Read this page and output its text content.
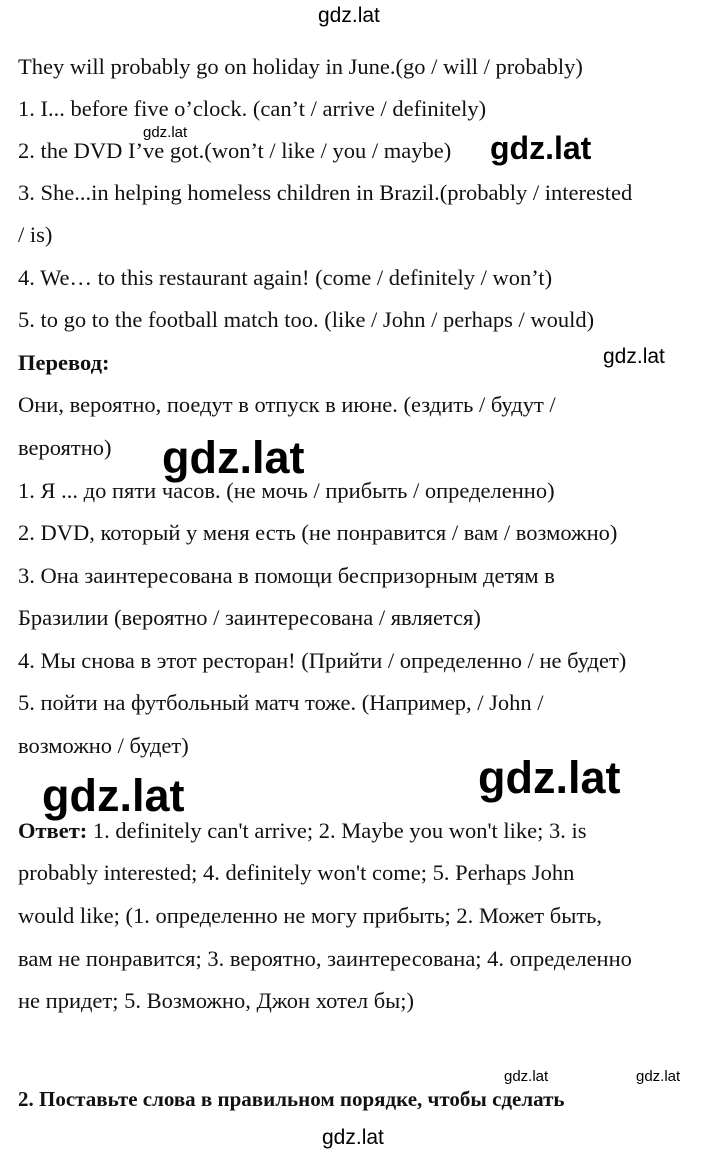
gdz.lat

They will probably go on holiday in June.(go / will / probably)

1. I... before five o’clock. (can’t / arrive / definitely)

gdz.lat

2. the DVD I’ve got.(won’t / like / you / maybe) gdz.lat

3. She...in helping homeless children in Brazil.(probably / interested

/ is)

4. We… to this restaurant again! (come / definitely / won’t)

5. to go to the football match too. (like / John / perhaps / would)

Перевод:	gdz.lat

Они, вероятно, поедут в отпуск в июне. (ездить / будут /

вероятно) gdz.lat

1. Я ... до пяти часов. (не мочь / прибыть / определенно)

2. DVD, который у меня есть (не понравится / вам / возможно)

3. Она заинтересована в помощи беспризорным детям в

Бразилии (вероятно / заинтересована / является)

4. Мы снова в этот ресторан! (Прийти / определенно / не будет)

5. пойти на футбольный матч тоже. (Например, / John /

возможно / будет)

gdz.lat
gdz.lat

Ответ: 1. definitely can't arrive; 2. Maybe you won't like; 3. is

probably interested; 4. definitely won't come; 5. Perhaps John

would like; (1. определенно не могу прибыть; 2. Может быть,

вам не понравится; 3. вероятно, заинтересована; 4. определенно

не придет; 5. Возможно, Джон хотел бы;)

gdz.lat	gdz.lat

2. Поставьте слова в правильном порядке, чтобы сделать

gdz.lat
